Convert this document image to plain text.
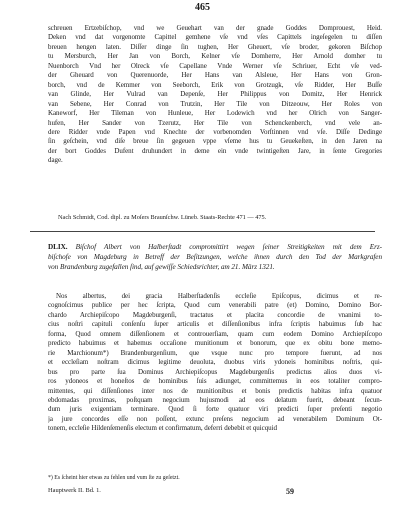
465
schreuen Ertzebiſchop, vnd we Geuehart van der gnade Goddes Domprouest, Heid.
Deken vnd dat vorgenomte Capittel gemhene vſe vnd vſes Capittels ingeſegelen tu diſſen
breuen hengen laten. Diſſer dinge ſin tughen, Her Gheuert, vſe broder, gekoren Biſchop
tu Mersburch, Her Jan von Borch, Kelner vſe Domherre, Her Arnold domher tu
Nuenborch Vnd her Olreck vſe Capellane Vnde Werner vſe Schriuer, Echt vſe ved-
der Gheuard von Querenuorde, Her Hans van Alsleue, Her Hans von Gron-
borch, vnd de Kemmer von Seeborch, Erik von Grotzugk, vſe Ridder, Her Buſſe
van Glinde, Her Vulrad van Depenſe, Her Philippus von Domitz, Her Henrick
van Sebene, Her Conrad von Trutzin, Her Tile von Ditzeouw, Her Roles von
Kaneworf, Her Tileman von Hunleue, Her Lodewich vnd her Olrich von Sanger-
hufen, Her Sander von Tzerutz, Her Tile von Schenckenberch, vnd vele an-
dere Ridder vnde Papen vnd Knechte der vorbenomden Vorſtinnen vnd vſe. Diſſe Dedinge
ſin geſchein, vnd diſe breue ſin gegeuen vppe vſeme hus tu Geuekeſten, in den Jaren na
der bort Goddes Dufent druhundert in deme ein vnde twintigeſten Jare, in ſente Gregories
dage.
Nach Schmidt, Cod. dipl. zu Moſers Braunſchw. Lüneb. Staats-Rechte 471 — 475.
DLIX. Biſchof Albert von Halberſtadt compromittirt wegen ſeiner Streitigkeiten mit dem Erz-
biſchofe von Magdeburg in Betreff der Beſitzungen, welche ihnen durch den Tod der Markgrafen
von Brandenburg zugefallen ſind, auf gewiſſe Schiedsrichter, am 21. März 1321.
Nos albertus, dei gracia Halberſtadenſis eccleſie Epiſcopus, dicimus et re-
cognoſcimus publice per hec ſcripta, Quod cum venerabili patre (et) Domino, Domino Bor-
chardo Archiepiſcopo Magdeburgenſi, tractatus et placita concordie de vnanimi to-
cius noſtri capituli conſenſu ſuper articulis et diſſenſionibus infra ſcriptis habuimus ſub hac
forma, Quod omnem diſſenſionem et controuerſiam, quam cum eodem Domino Archiepiſcopo
predicto habuimus et habemus occaſione munitionum et bonorum, que ex obitu bone memo-
rie Marchionum*) Brandenburgenſium, que vsque nunc pro tempore fuerunt, ad nos
et eccleſiam noſtram dicimus legitime deuoluta, duobus viris ydoneis hominibus noſtris, qui-
bus pro parte ſua Dominus Archiepiſcopus Magdeburgenſis predictus alios duos vi-
ros ydoneos et honeſtos de hominibus ſuis adiunget, committemus in eos totaliter compro-
mittentes, qui diſſenſiones inter nos de munitionibus et bonis predictis habitas infra quatuor
ebdomadas proximas, poſtquam negocium hujusmodi ad eos delatum fuerit, debeant ſecun-
dum juris exigentiam terminare. Quod ſi forte quatuor viri predicti ſuper preſenti negotio
ja jure concordes eſſe non poſſent, extunc preſens negocium ad venerabilem Dominum Ot-
tonem, eccleſie Hildenſemenſis electum et confirmatum, deferri debebit et quicquid
*) Es ſcheint hier etwas zu fehlen und vum ſte zu geſetzt.
Hauptwerk II. Bd. 1.	59
